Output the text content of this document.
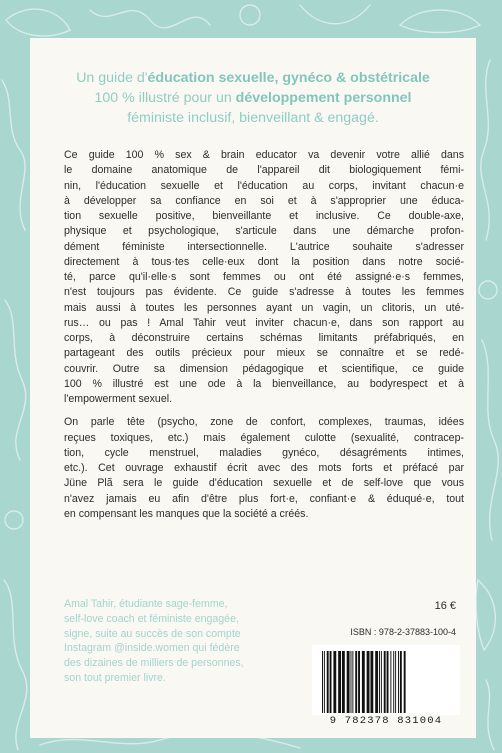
Un guide d'éducation sexuelle, gynéco & obstétricale
100 % illustré pour un développement personnel
féministe inclusif, bienveillant & engagé.

Ce guide 100 % sex & brain educator va devenir votre allié dans
le domaine anatomique de l'appareil dit biologiquement fémi-
nin, l'éducation sexuelle et l'éducation au corps, invitant chacun·e
à développer sa confiance en soi et à s'approprier une éduca-
tion sexuelle positive, bienveillante et inclusive. Ce double-axe,
physique et psychologique, s'articule dans une démarche profon-
dément féministe intersectionnelle. L'autrice souhaite s'adresser
directement à tous·tes celle·eux dont la position dans notre socié-
té, parce qu'il·elle·s sont femmes ou ont été assigné·e·s femmes,
n'est toujours pas évidente. Ce guide s'adresse à toutes les femmes
mais aussi à toutes les personnes ayant un vagin, un clitoris, un uté-
rus… ou pas ! Amal Tahir veut inviter chacun·e, dans son rapport au
corps, à déconstruire certains schémas limitants préfabriqués, en
partageant des outils précieux pour mieux se connaître et se redé-
couvrir. Outre sa dimension pédagogique et scientifique, ce guide
100 % illustré est une ode à la bienveillance, au bodyrespect et à
l'empowerment sexuel.

On parle tête (psycho, zone de confort, complexes, traumas, idées
reçues toxiques, etc.) mais également culotte (sexualité, contracep-
tion, cycle menstruel, maladies gynéco, désagréments intimes,
etc.). Cet ouvrage exhaustif écrit avec des mots forts et préfacé par
Jüne Plã sera le guide d'éducation sexuelle et de self-love que vous
n'avez jamais eu afin d'être plus fort·e, confiant·e & éduqué·e, tout
en compensant les manques que la société a créés.

Amal Tahir, étudiante sage-femme,
self-love coach et féministe engagée,
signe, suite au succès de son compte
Instagram @inside.women qui fédère
des dizaines de milliers de personnes,
son tout premier livre.
16 €
ISBN : 978-2-37883-100-4
9 782378 831004
